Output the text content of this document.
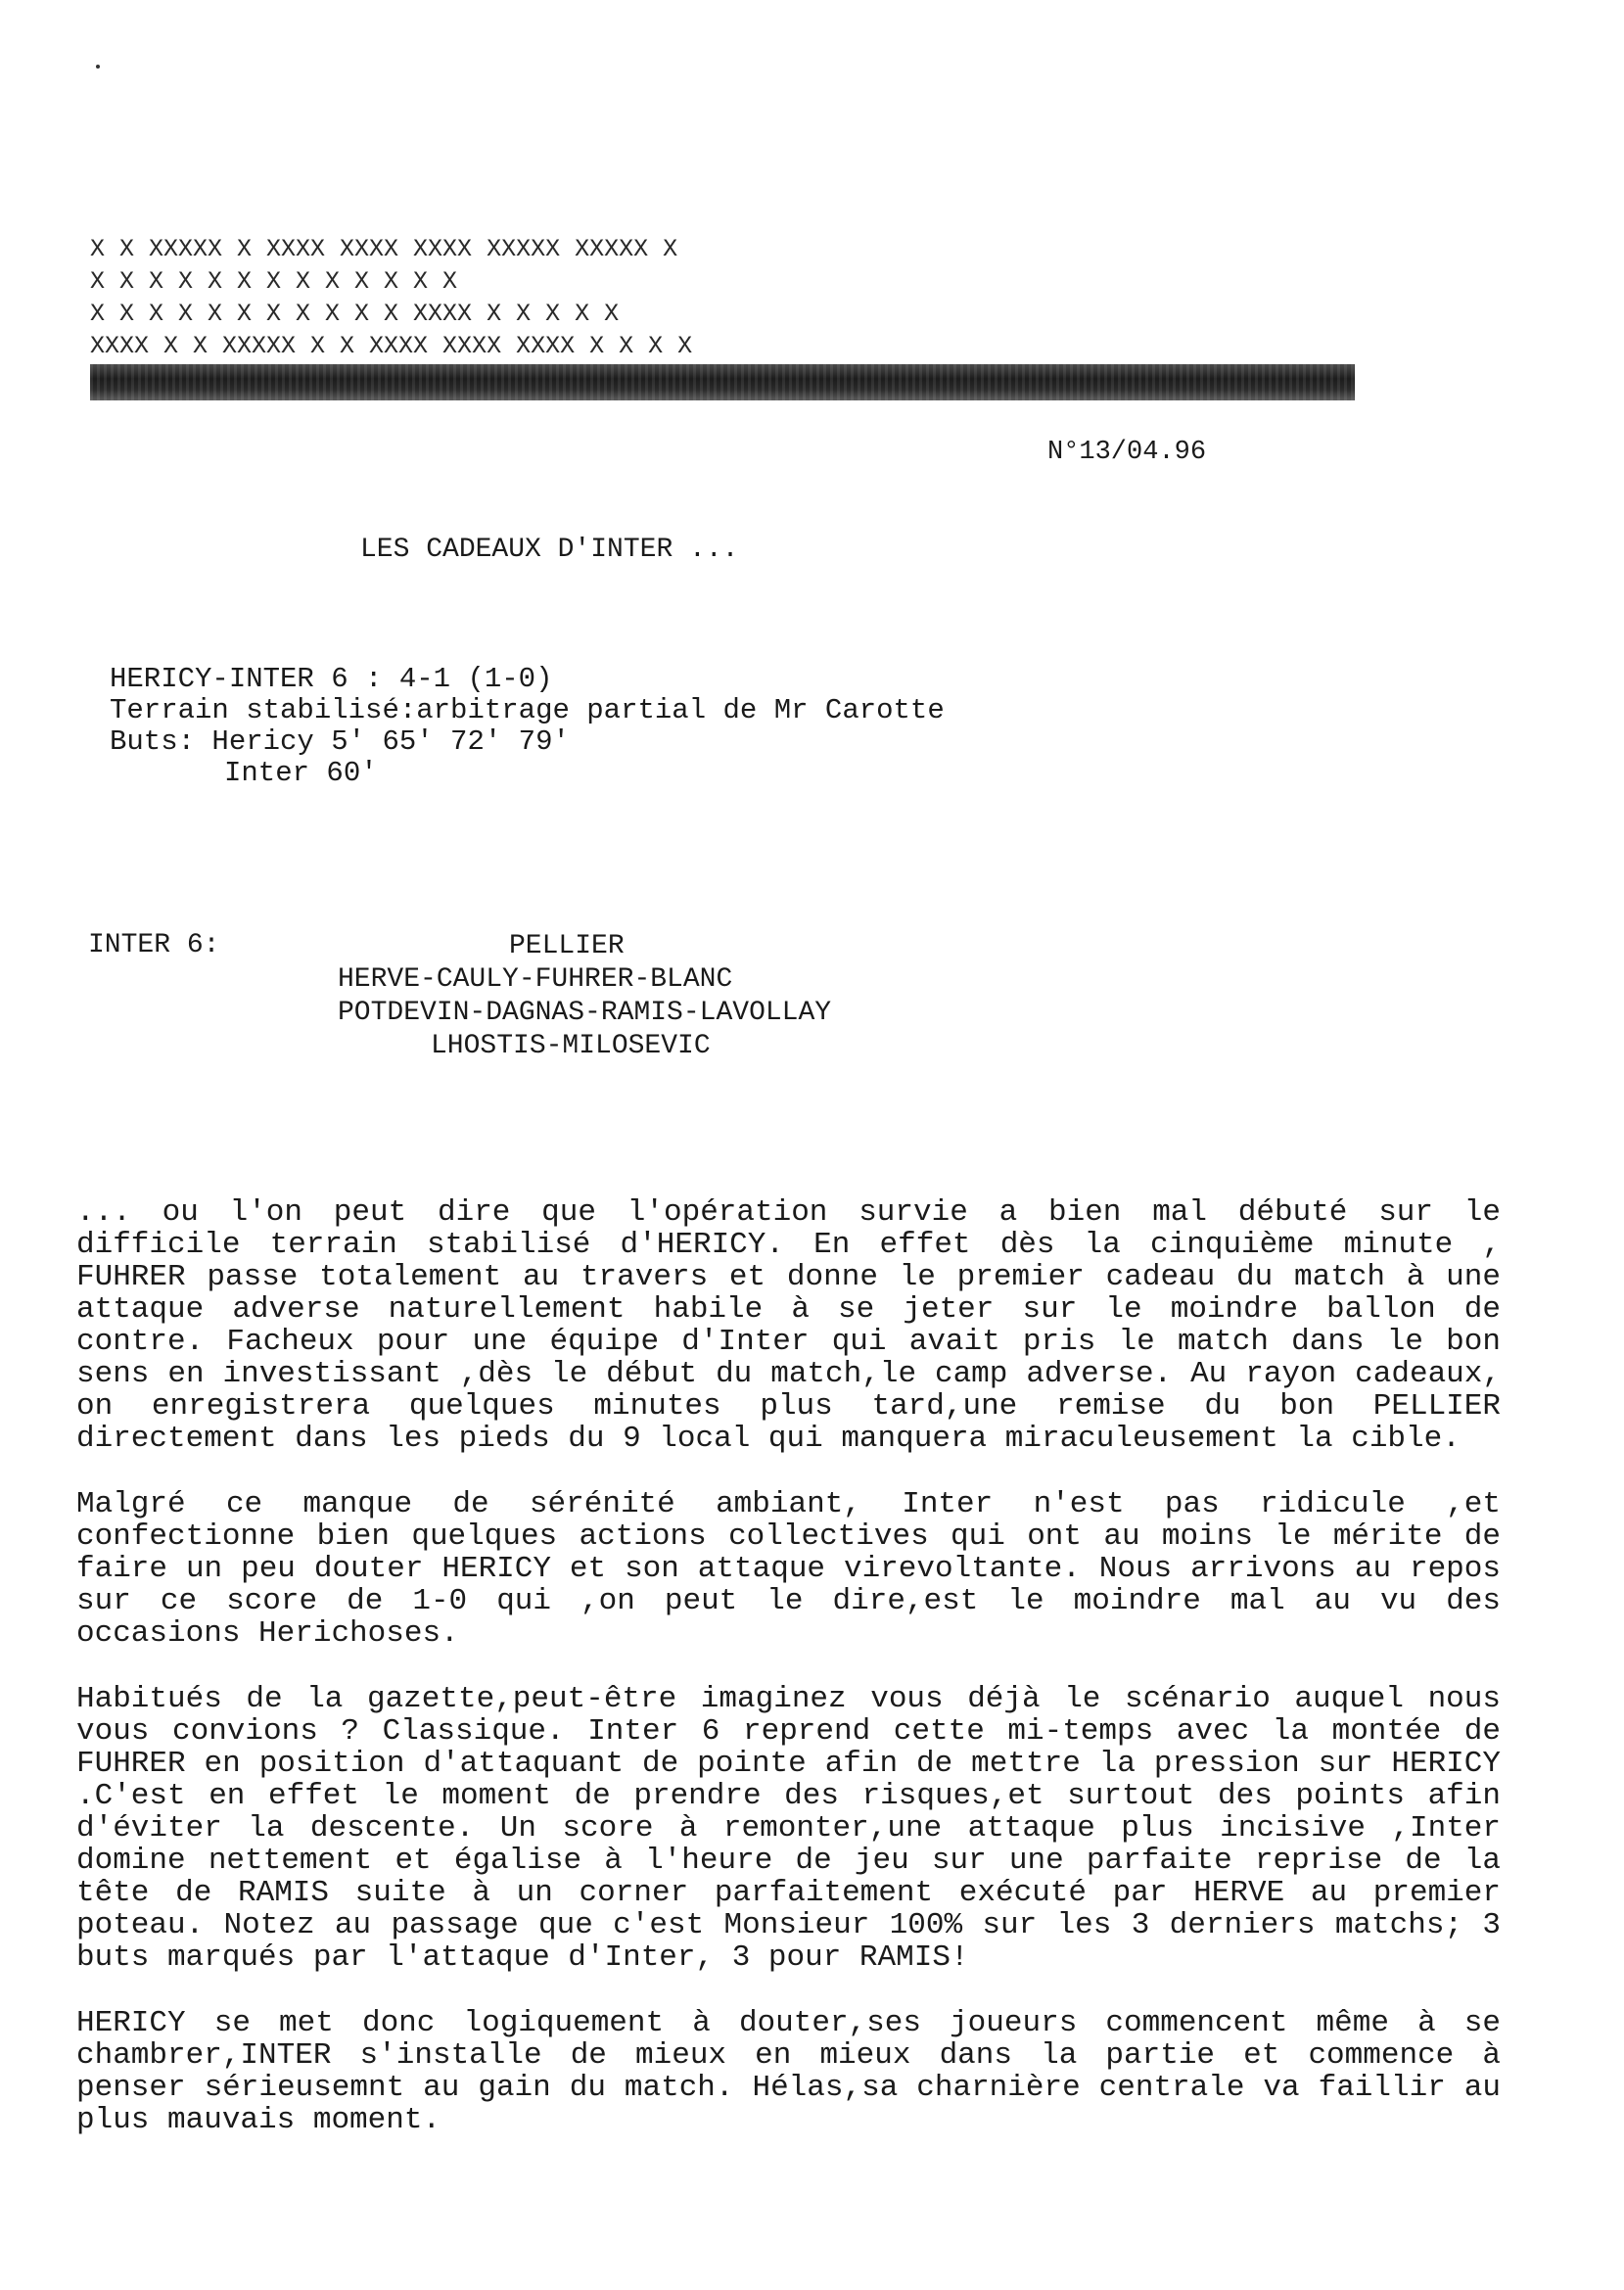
X X XXXXX X XXXX XXXX XXXX XXXXX XXXXX X
X X X X X X X X X X X X X
X X X X X X X X X X X XXXX X X X X X
XXXX X X XXXXX X X XXXX XXXX XXXX X X X X
N°13/04.96
LES CADEAUX D'INTER ...
HERICY-INTER 6 : 4-1 (1-0)
Terrain stabilisé:arbitrage partial de Mr Carotte
Buts: Hericy 5' 65' 72' 79'
Inter 60'
INTER 6:	PELLIER
HERVE-CAULY-FUHRER-BLANC
POTDEVIN-DAGNAS-RAMIS-LAVOLLAY
LHOSTIS-MILOSEVIC

... ou l'on peut dire que l'opération survie a bien mal débuté sur le difficile terrain stabilisé d'HERICY. En effet dès la cinquième minute , FUHRER passe totalement au travers et donne le premier cadeau du match à une attaque adverse naturellement habile à se jeter sur le moindre ballon de contre. Facheux pour une équipe d'Inter qui avait pris le match dans le bon sens en investissant ,dès le début du match,le camp adverse. Au rayon cadeaux, on enregistrera quelques minutes plus tard,une remise du bon PELLIER directement dans les pieds du 9 local qui manquera miraculeusement la cible.

Malgré ce manque de sérénité ambiant, Inter n'est pas ridicule ,et confectionne bien quelques actions collectives qui ont au moins le mérite de faire un peu douter HERICY et son attaque virevoltante. Nous arrivons au repos sur ce score de 1-0 qui ,on peut le dire,est le moindre mal au vu des occasions Herichoses.

Habitués de la gazette,peut-être imaginez vous déjà le scénario auquel nous vous convions ? Classique. Inter 6 reprend cette mi-temps avec la montée de FUHRER en position d'attaquant de pointe afin de mettre la pression sur HERICY .C'est en effet le moment de prendre des risques,et surtout des points afin d'éviter la descente. Un score à remonter,une attaque plus incisive ,Inter domine nettement et égalise à l'heure de jeu sur une parfaite reprise de la tête de RAMIS suite à un corner parfaitement exécuté par HERVE au premier poteau. Notez au passage que c'est Monsieur 100% sur les 3 derniers matchs; 3 buts marqués par l'attaque d'Inter, 3 pour RAMIS!

HERICY se met donc logiquement à douter,ses joueurs commencent même à se chambrer,INTER s'installe de mieux en mieux dans la partie et commence à penser sérieusemnt au gain du match. Hélas,sa charnière centrale va faillir au plus mauvais moment.
